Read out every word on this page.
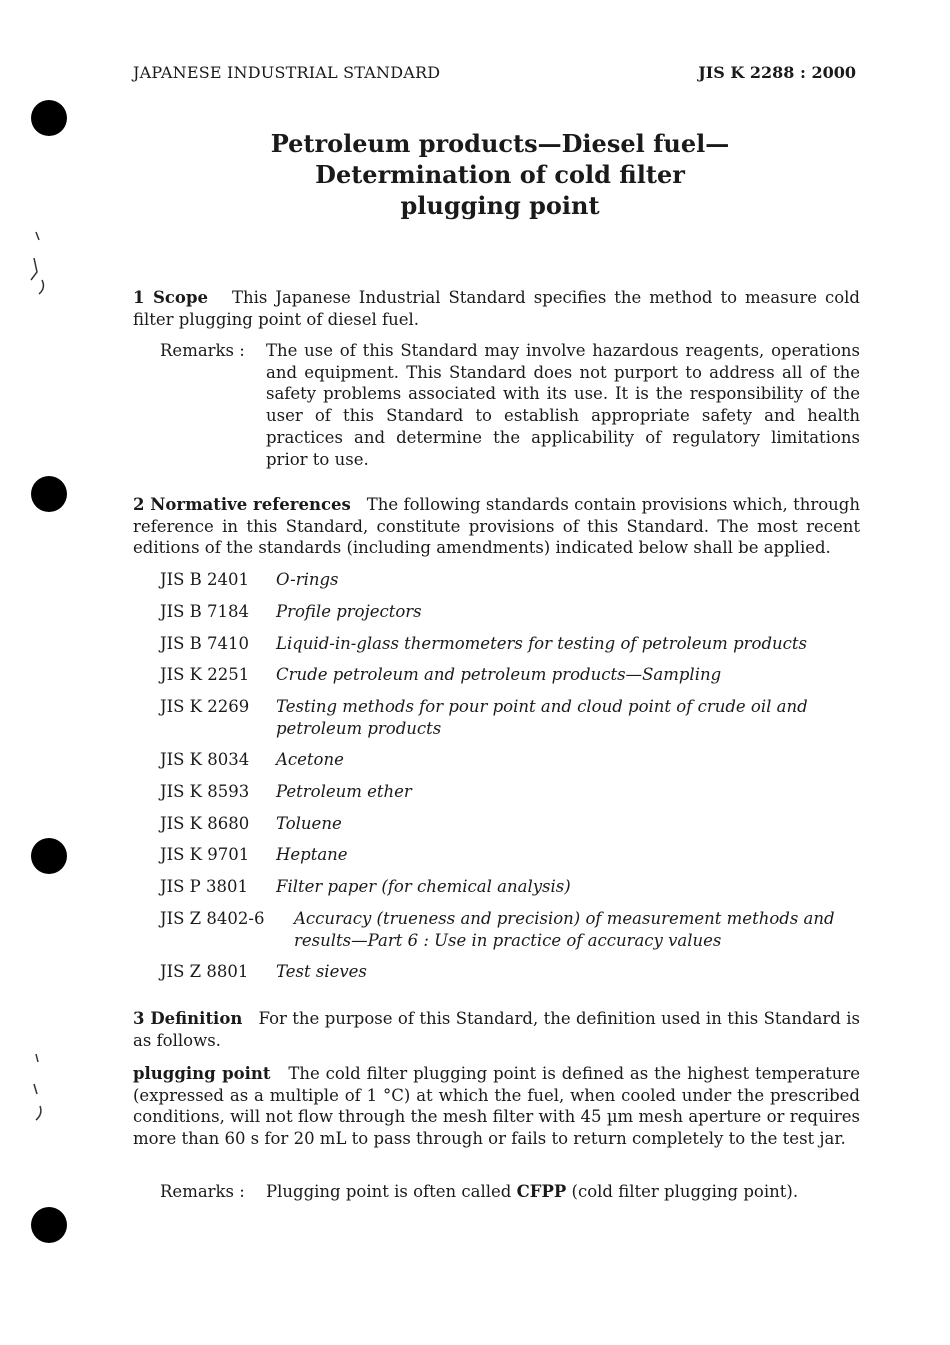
JAPANESE INDUSTRIAL STANDARD	JIS K 2288 : 2000
Petroleum products—Diesel fuel—
Determination of cold filter
plugging point
1 Scope This Japanese Industrial Standard specifies the method to measure cold filter plugging point of diesel fuel.
Remarks : The use of this Standard may involve hazardous reagents, operations and equipment. This Standard does not purport to address all of the safety problems associated with its use. It is the responsibility of the user of this Standard to establish appropriate safety and health practices and determine the applicability of regulatory limitations prior to use.
2 Normative references The following standards contain provisions which, through reference in this Standard, constitute provisions of this Standard. The most recent editions of the standards (including amendments) indicated below shall be applied.
JIS B 2401 O-rings
JIS B 7184 Profile projectors
JIS B 7410 Liquid-in-glass thermometers for testing of petroleum products
JIS K 2251 Crude petroleum and petroleum products—Sampling
JIS K 2269 Testing methods for pour point and cloud point of crude oil and petroleum products
JIS K 8034 Acetone
JIS K 8593 Petroleum ether
JIS K 8680 Toluene
JIS K 9701 Heptane
JIS P 3801 Filter paper (for chemical analysis)
JIS Z 8402-6 Accuracy (trueness and precision) of measurement methods and results—Part 6 : Use in practice of accuracy values
JIS Z 8801 Test sieves
3 Definition For the purpose of this Standard, the definition used in this Standard is as follows.
plugging point The cold filter plugging point is defined as the highest temperature (expressed as a multiple of 1 °C) at which the fuel, when cooled under the prescribed conditions, will not flow through the mesh filter with 45 µm mesh aperture or requires more than 60 s for 20 mL to pass through or fails to return completely to the test jar.
Remarks : Plugging point is often called CFPP (cold filter plugging point).
